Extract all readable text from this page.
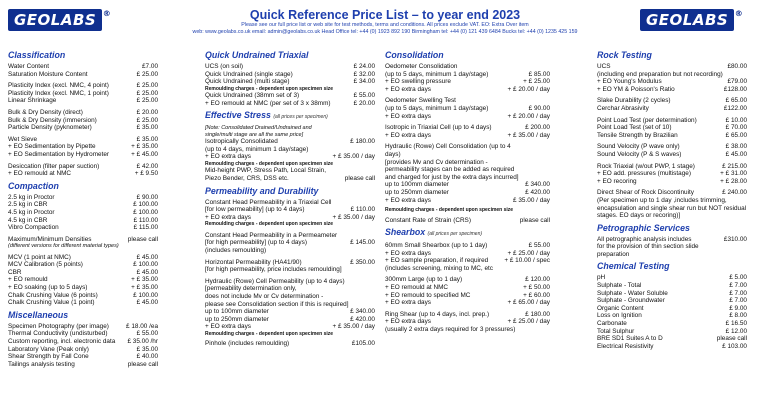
GEOLABS ®	GEOLABS ®
Quick Reference Price List – to year end 2023
Please see our full price list or web site for test methods, terms and conditions. All prices exclude VAT. EO: Extra Over item
web: www.geolabs.co.uk email: admin@geolabs.co.uk Head Office tel: +44 (0) 1923 892 190 Birmingham tel: +44 (0) 121 439 6484 Bucks tel: +44 (0) 1235 425 159
Classification
Water Content	£7.00
Saturation Moisture Content	£ 25.00
Plasticity Index (excl. NMC, 4 point)	£ 25.00
Plasticity Index (excl. NMC, 1 point)	£ 25.00
Linear Shrinkage	£ 25.00
Bulk & Dry Density (direct)	£ 20.00
Bulk & Dry Density (immersion)	£ 25.00
Particle Density (pyknometer)	£ 35.00
Wet Sieve	£ 35.00
+ EO Sedimentation by Pipette	+ £ 35.00
+ EO Sedimentation by Hydrometer	+ £ 45.00
Desiccation (filter paper suction)	£ 42.00
+ EO remould at NMC	+ £ 9.50
Compaction
2.5 kg in Proctor	£ 90.00
2.5 kg in CBR	£ 100.00
4.5 kg in Proctor	£ 100.00
4.5 kg in CBR	£ 110.00
Vibro Compaction	£ 115.00
Maximum/Minimum Densities	please call
(different versions for different material types)
MCV (1 point at NMC)	£ 45.00
MCV Calibration (5 points)	£ 100.00
CBR	£ 45.00
+ EO remould	+ £ 35.00
+ EO soaking (up to 5 days)	+ £ 35.00
Chalk Crushing Value (6 points)	£ 100.00
Chalk Crushing Value (1 point)	£ 45.00
Miscellaneous
Specimen Photography (per image)	£ 18.00 /ea
Thermal Conductivity (undisturbed)	£ 55.00
Custom reporting, incl. electronic data £ 35.00 /hr
Laboratory Vane (Peak only)	£ 35.00
Shear Strength by Fall Cone	£ 40.00
Tailings analysis testing	please call
Quick Undrained Triaxial
UCS (on soil)	£ 24.00
Quick Undrained (single stage)	£ 32.00
Quick Undrained (multi stage)	£ 34.00
Remoulding charges - dependent upon specimen size
Quick Undrained (38mm set of 3)	£ 55.00
+ EO remould at NMC (per set of 3 x 38mm)	£ 20.00
Effective Stress (all prices per specimen)
[Note: Consolidated Drained/Undrained and
single/multi stage are all the same price]
Isotropically Consolidated	£ 180.00
(up to 4 days, minimum 1 day/stage)
+ EO extra days	+ £ 35.00 / day
Remoulding charges - dependent upon specimen size
Mid-height PWP, Stress Path, Local Strain,
Piezo Bender, CRS, DSS etc.	please call
Permeability and Durability
Constant Head Permeability in a Triaxial Cell
[for low permeability] (up to 4 days)	£ 110.00
+ EO extra days	+ £ 35.00 / day
Remoulding charges - dependent upon specimen size
Constant Head Permeability in a Permeameter
[for high permeability] (up to 4 days)	£ 145.00
(includes remoulding)
Horizontal Permeability (HA41/90)	£ 350.00
[for high permeability, price includes remoulding]
Hydraulic (Rowe) Cell Permeability (up to 4 days)
[permeability determination only,
does not include Mv or Cv determination -
please see Consolidation section if this is required]
up to 100mm diameter	£ 340.00
up to 250mm diameter	£ 420.00
+ EO extra days	+ £ 35.00 / day
Remoulding charges - dependent upon specimen size
Pinhole (includes remoulding)	£105.00
Consolidation
Oedometer Consolidation
(up to 5 days, minimum 1 day/stage)	£ 85.00
+ EO swelling pressure	+ £ 25.00
+ EO extra days	+ £ 20.00 / day
Oedometer Swelling Test
(up to 5 days, minimum 1 day/stage)	£ 90.00
+ EO extra days	+ £ 20.00 / day
Isotropic in Triaxial Cell (up to 4 days)	£ 200.00
+ EO extra days	+ £ 35.00 / day
Hydraulic (Rowe) Cell Consolidation (up to 4
days)
[provides Mv and Cv determination -
permeability stages can be added as required
and charged for just by the extra days incurred]
up to 100mm diameter	£ 340.00
up to 250mm diameter	£ 420.00
+ EO extra days	£ 35.00 / day
Remoulding charges - dependent upon specimen size
Constant Rate of Strain (CRS)	please call
Shearbox (all prices per specimen)
60mm Small Shearbox (up to 1 day)	£ 55.00
+ EO extra days	+ £ 25.00 / day
+ EO sample preparation, if required	+ £ 10.00 / spec
(includes screening, mixing to MC, etc
300mm Large (up to 1 day)	£ 120.00
+ EO remould at NMC	+ £ 50.00
+ EO remould to specified MC	+ £ 60.00
+ EO extra days	+ £ 65.00 / day
Ring Shear (up to 4 days, incl. prep.)	£ 180.00
+ EO extra days	+ £ 25.00 / day
(usually 2 extra days required for 3 pressures)
Rock Testing
UCS	£80.00
(including end preparation but not recording)
+ EO Young's Modulus	£79.00
+ EO YM & Poisson's Ratio	£128.00
Slake Durability (2 cycles)	£ 65.00
Cerchar Abrasivity	£122.00
Point Load Test (per determination)	£ 10.00
Point Load Test (set of 10)	£ 70.00
Tensile Strength by Brazilian	£ 65.00
Sound Velocity (P wave only)	£ 38.00
Sound Velocity (P & S waves)	£ 45.00
Rock Triaxial (w/out PWP, 1 stage)	£ 215.00
+ EO add. pressures (multistage)	+ £ 31.00
+ EO recoring	+ £ 28.00
Direct Shear of Rock Discontinuity	£ 240.00
(Per specimen up to 1 day ,includes trimming,
encapsulation and single shear run but NOT residual
stages. EO days or recoring)]
Petrographic Services
All petrographic analysis includes	£310.00
for the provision of thin section slide
preparation
Chemical Testing
pH	£ 5.00
Sulphate - Total	£ 7.00
Sulphate - Water Soluble	£ 7.00
Sulphate - Groundwater	£ 7.00
Organic Content	£ 9.00
Loss on Ignition	£ 8.00
Carbonate	£ 16.50
Total Sulphur	£ 12.00
BRE SD1 Suites A to D	please call
Electrical Resistivity	£ 103.00
